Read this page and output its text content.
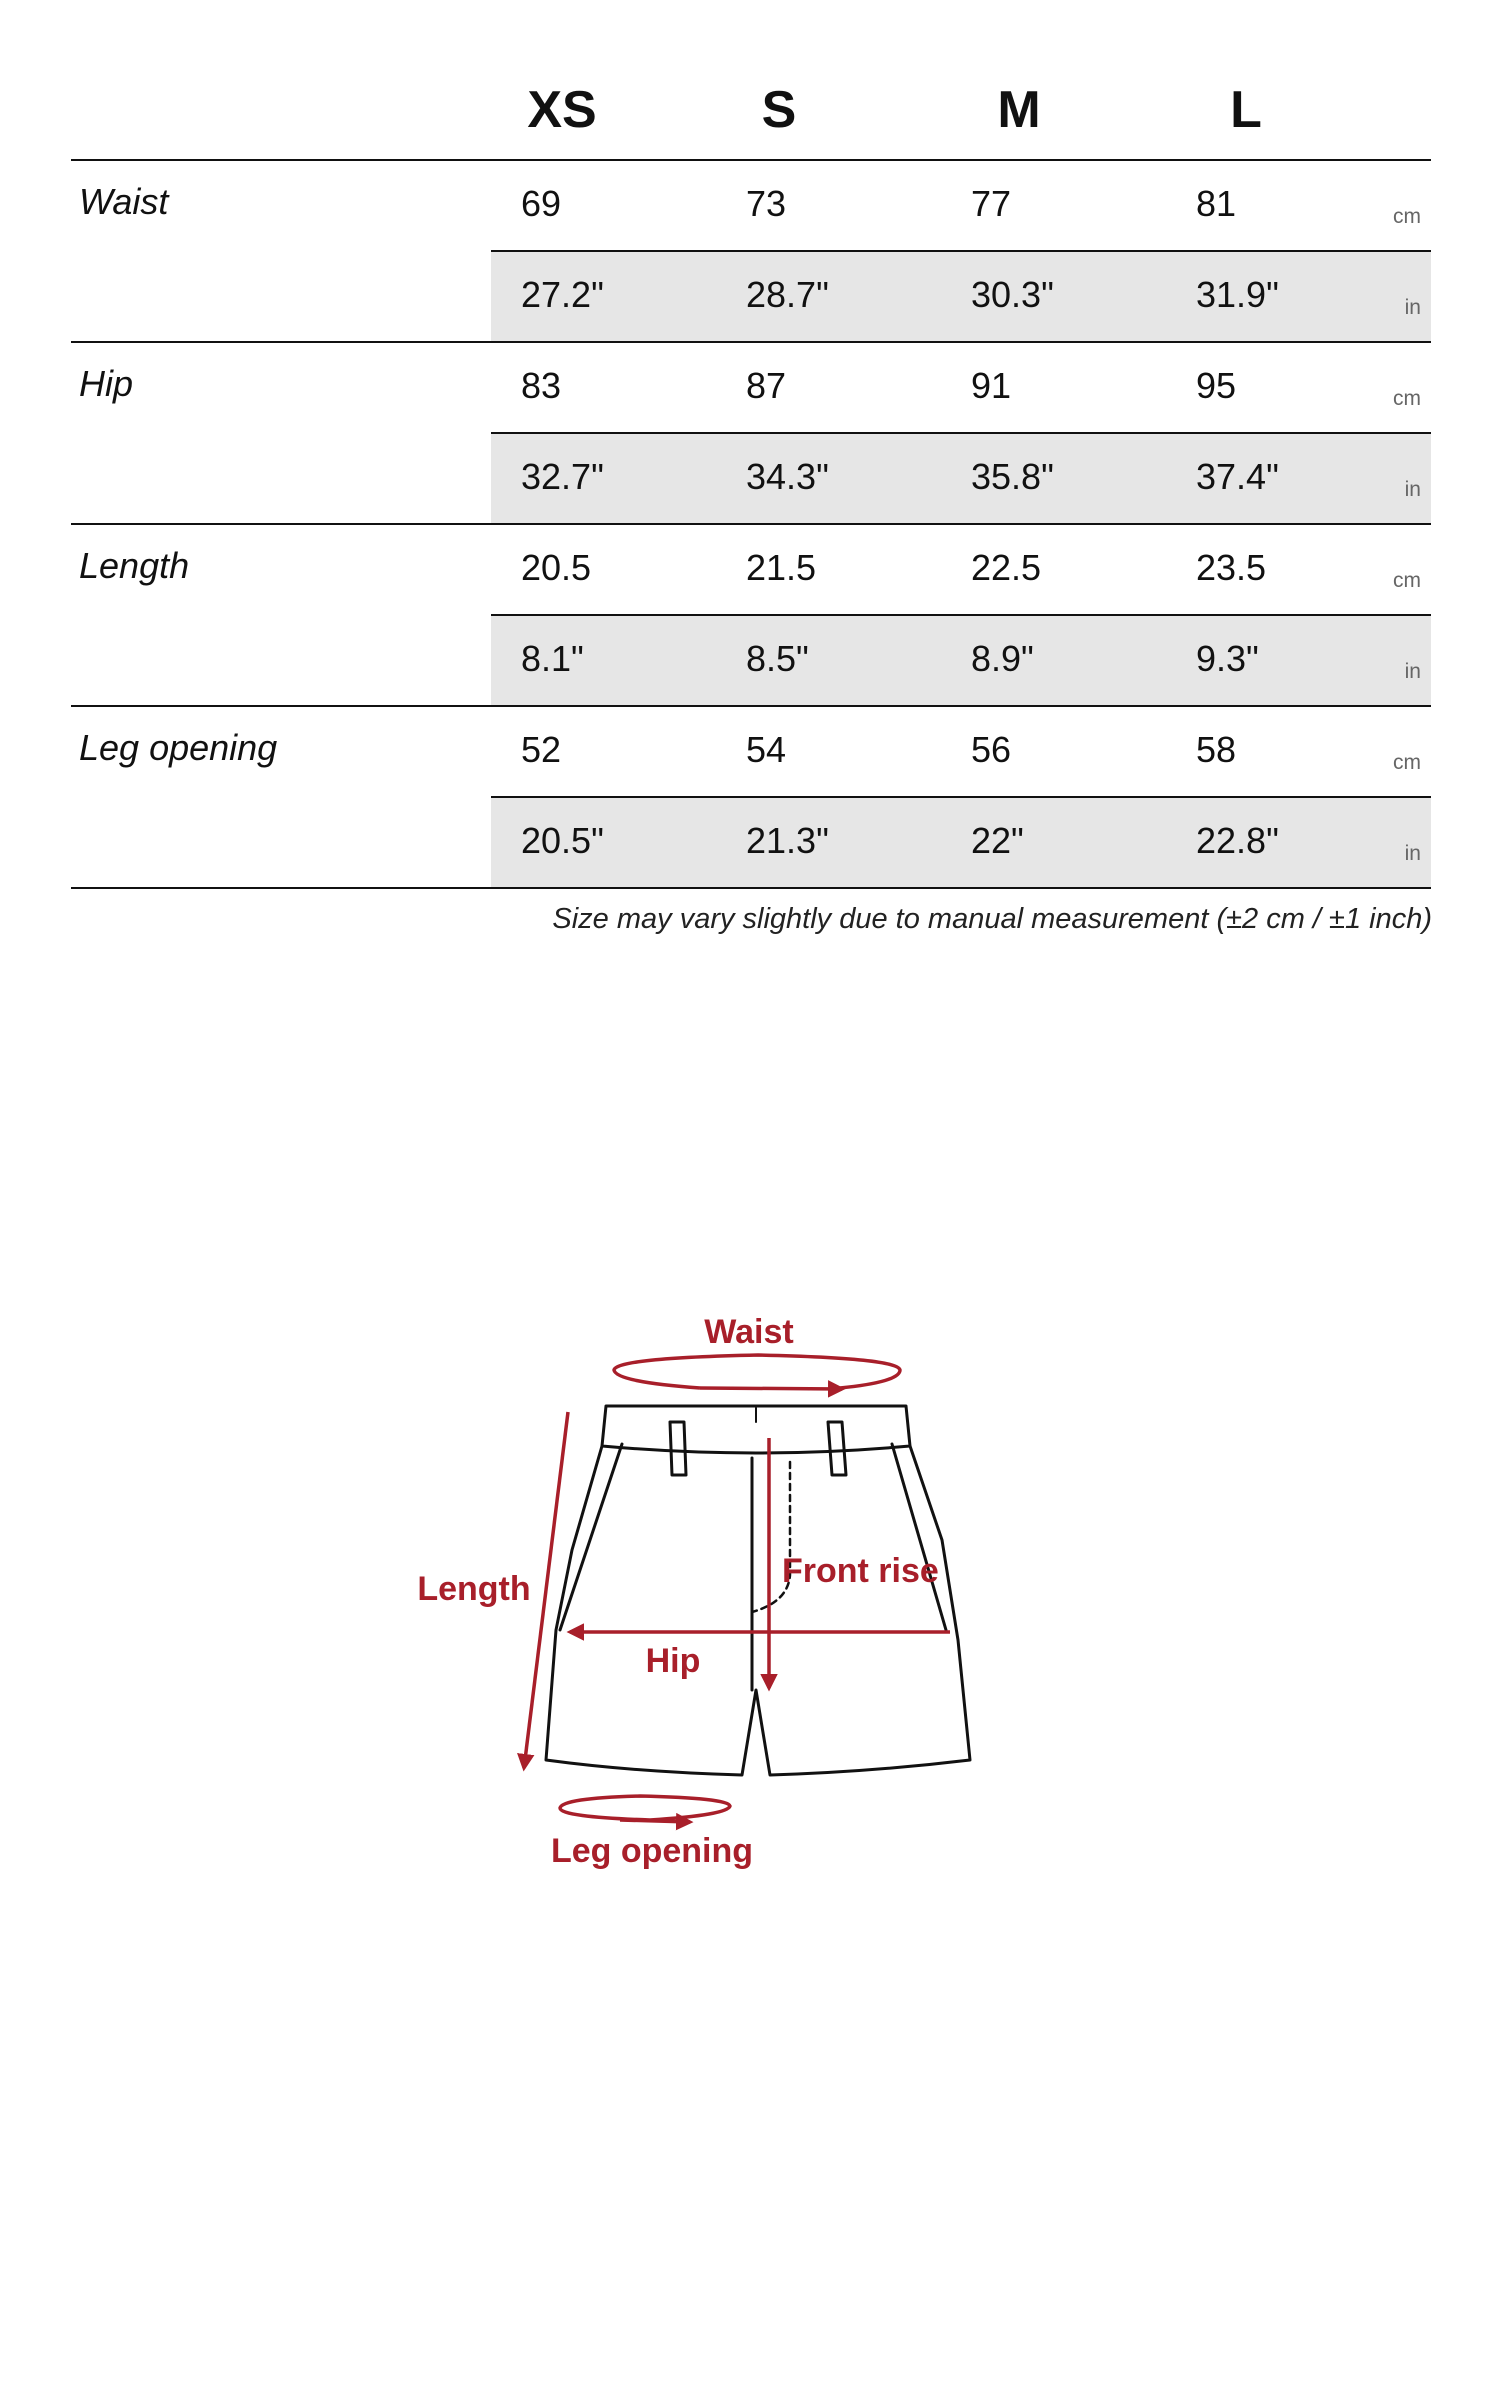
XS	S	M	L
Waist	69	73	77	81	cm
27.2"	28.7"	30.3"	31.9"	in
Hip	83	87	91	95	cm
32.7"	34.3"	35.8"	37.4"	in
Length	20.5	21.5	22.5	23.5	cm
8.1"	8.5"	8.9"	9.3"	in
Leg opening	52	54	56	58	cm
20.5"	21.3"	22"	22.8"	in
Size may vary slightly due to manual measurement (±2 cm / ±1 inch)
Waist
Length	Front rise
Hip
Leg opening
